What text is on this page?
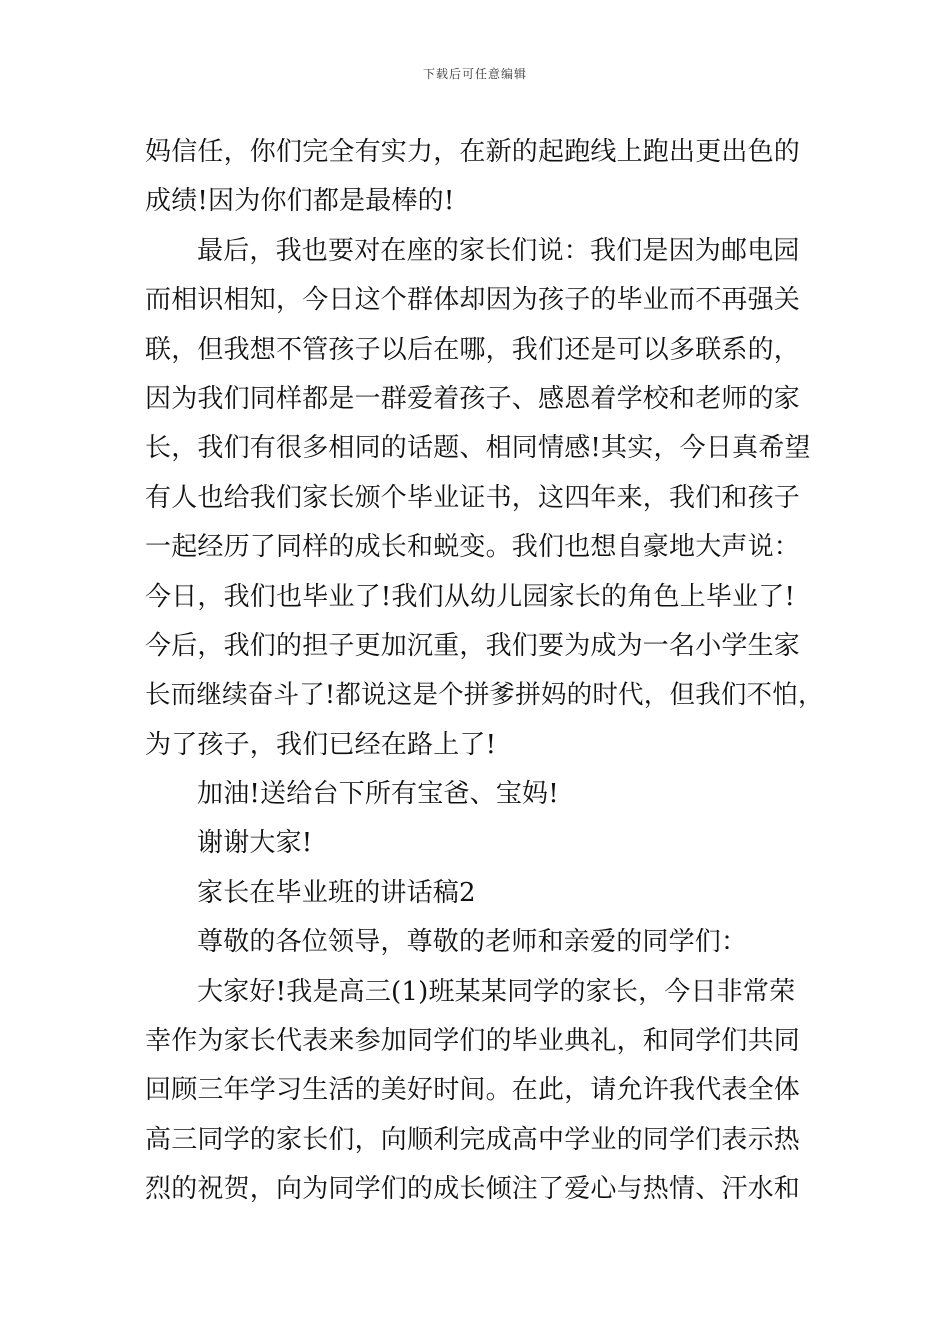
下载后可任意编辑
妈信任，你们完全有实力，在新的起跑线上跑出更出色的
成绩!因为你们都是最棒的!
最后，我也要对在座的家长们说：我们是因为邮电园
而相识相知，今日这个群体却因为孩子的毕业而不再强关
联，但我想不管孩子以后在哪，我们还是可以多联系的，
因为我们同样都是一群爱着孩子、感恩着学校和老师的家
长，我们有很多相同的话题、相同情感!其实，今日真希望
有人也给我们家长颁个毕业证书，这四年来，我们和孩子
一起经历了同样的成长和蜕变。我们也想自豪地大声说：
今日，我们也毕业了!我们从幼儿园家长的角色上毕业了!
今后，我们的担子更加沉重，我们要为成为一名小学生家
长而继续奋斗了!都说这是个拼爹拼妈的时代，但我们不怕，
为了孩子，我们已经在路上了!
加油!送给台下所有宝爸、宝妈!
谢谢大家!
家长在毕业班的讲话稿2
尊敬的各位领导，尊敬的老师和亲爱的同学们：
大家好!我是高三(1)班某某同学的家长，今日非常荣
幸作为家长代表来参加同学们的毕业典礼，和同学们共同
回顾三年学习生活的美好时间。在此，请允许我代表全体
高三同学的家长们，向顺利完成高中学业的同学们表示热
烈的祝贺，向为同学们的成长倾注了爱心与热情、汗水和
